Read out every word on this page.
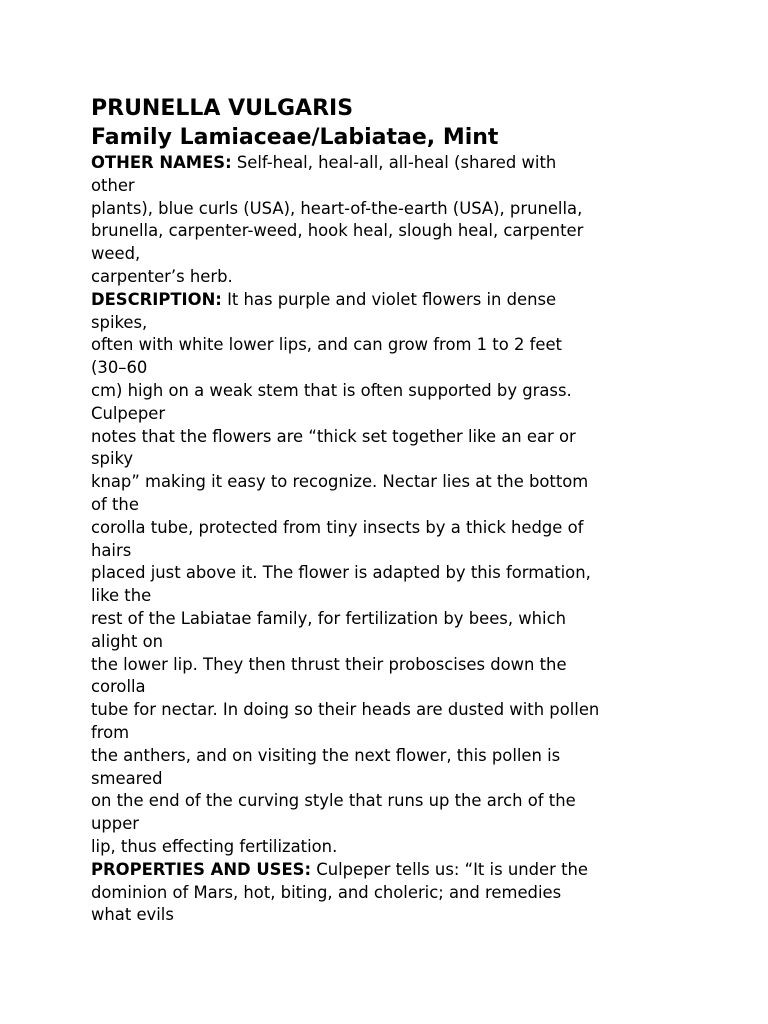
PRUNELLA VULGARIS
Family Lamiaceae/Labiatae, Mint
OTHER NAMES: Self-heal, heal-all, all-heal (shared with
other
plants), blue curls (USA), heart-of-the-earth (USA), prunella,
brunella, carpenter-weed, hook heal, slough heal, carpenter
weed,
carpenter’s herb.
DESCRIPTION: It has purple and violet flowers in dense
spikes,
often with white lower lips, and can grow from 1 to 2 feet
(30–60
cm) high on a weak stem that is often supported by grass.
Culpeper
notes that the flowers are “thick set together like an ear or
spiky
knap” making it easy to recognize. Nectar lies at the bottom
of the
corolla tube, protected from tiny insects by a thick hedge of
hairs
placed just above it. The flower is adapted by this formation,
like the
rest of the Labiatae family, for fertilization by bees, which
alight on
the lower lip. They then thrust their proboscises down the
corolla
tube for nectar. In doing so their heads are dusted with pollen
from
the anthers, and on visiting the next flower, this pollen is
smeared
on the end of the curving style that runs up the arch of the
upper
lip, thus effecting fertilization.
PROPERTIES AND USES: Culpeper tells us: “It is under the
dominion of Mars, hot, biting, and choleric; and remedies
what evils
